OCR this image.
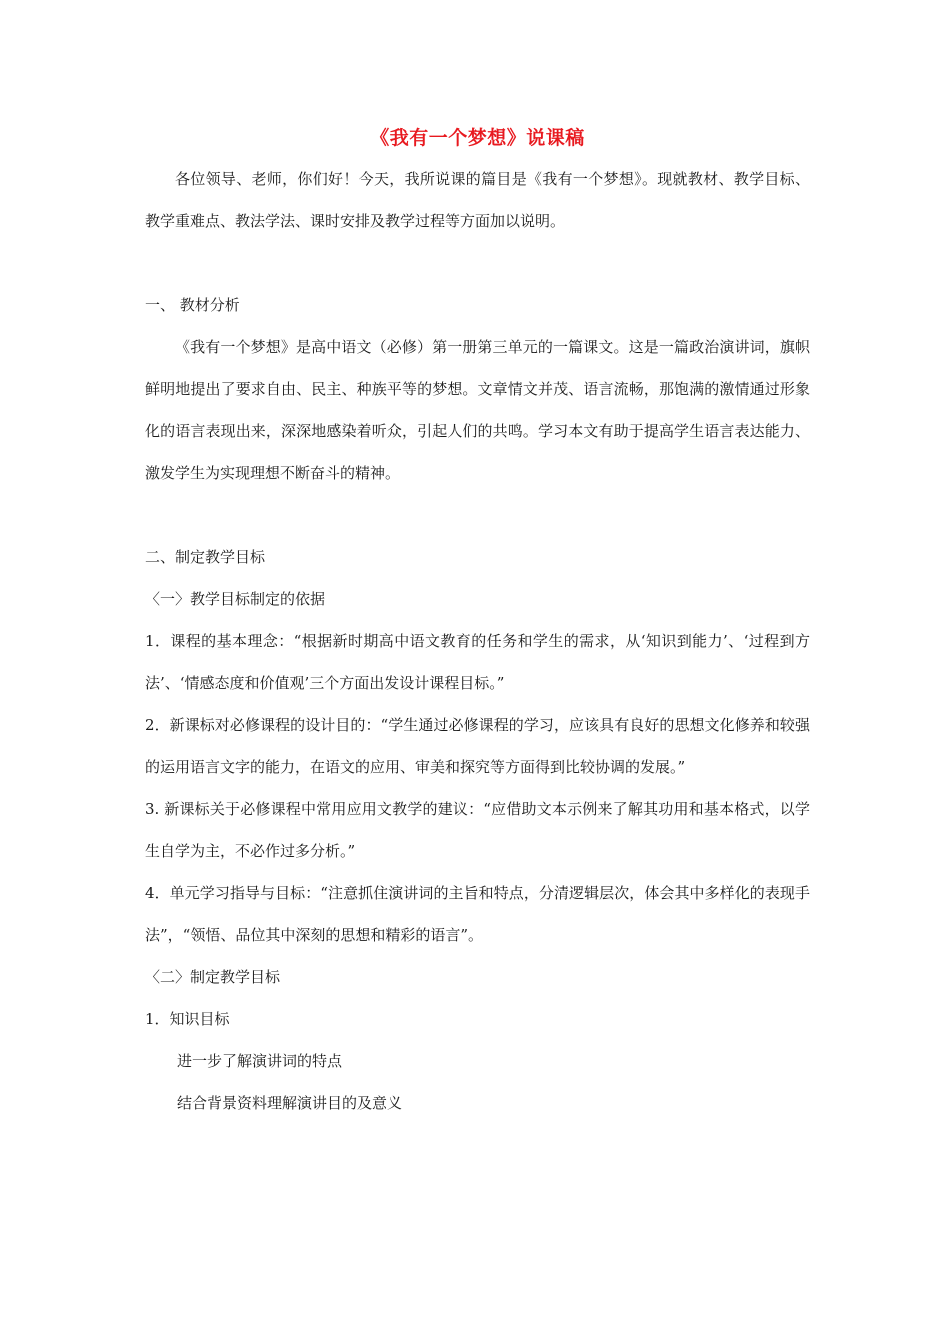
《我有一个梦想》说课稿

各位领导、老师，你们好！今天，我所说课的篇目是《我有一个梦想》。现就教材、教学目标、教学重难点、教法学法、课时安排及教学过程等方面加以说明。

一、 教材分析

《我有一个梦想》是高中语文（必修）第一册第三单元的一篇课文。这是一篇政治演讲词，旗帜鲜明地提出了要求自由、民主、种族平等的梦想。文章情文并茂、语言流畅，那饱满的激情通过形象化的语言表现出来，深深地感染着听众，引起人们的共鸣。学习本文有助于提高学生语言表达能力、激发学生为实现理想不断奋斗的精神。

二、制定教学目标

〈一〉教学目标制定的依据

1．课程的基本理念：“根据新时期高中语文教育的任务和学生的需求，从‘知识到能力’、‘过程到方法’、‘情感态度和价值观’三个方面出发设计课程目标。”

2．新课标对必修课程的设计目的：“学生通过必修课程的学习，应该具有良好的思想文化修养和较强的运用语言文字的能力，在语文的应用、审美和探究等方面得到比较协调的发展。”

3. 新课标关于必修课程中常用应用文教学的建议：“应借助文本示例来了解其功用和基本格式，以学生自学为主，不必作过多分析。”

4．单元学习指导与目标：“注意抓住演讲词的主旨和特点，分清逻辑层次，体会其中多样化的表现手法”，“领悟、品位其中深刻的思想和精彩的语言”。

〈二〉制定教学目标

1．知识目标

进一步了解演讲词的特点

结合背景资料理解演讲目的及意义
